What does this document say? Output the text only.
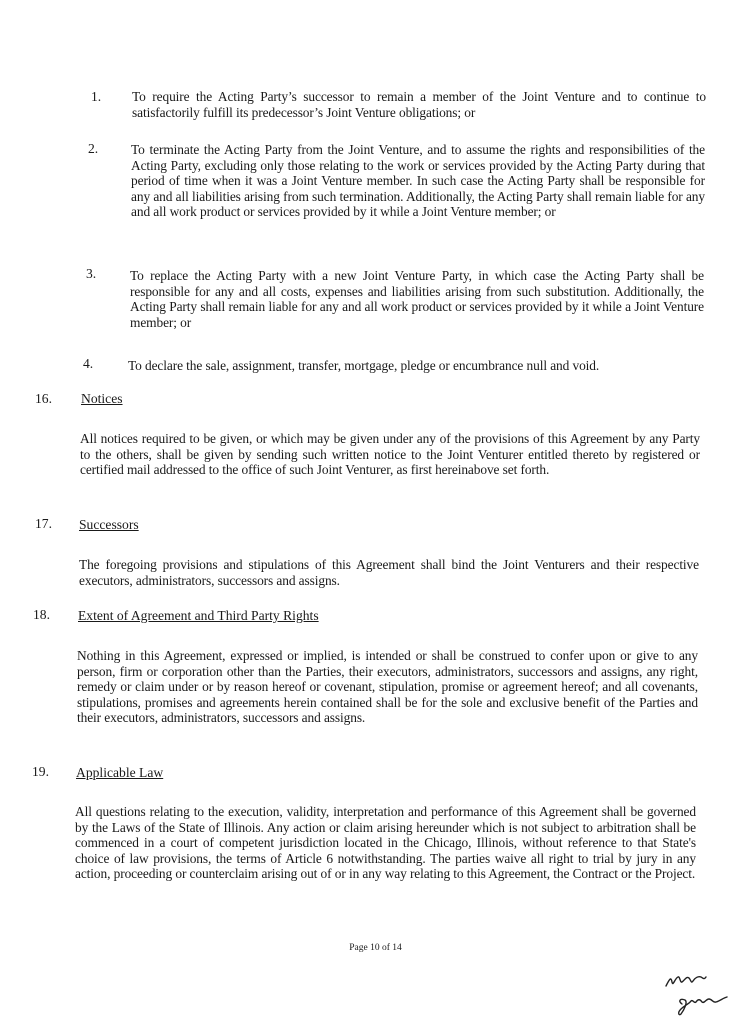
1. To require the Acting Party’s successor to remain a member of the Joint Venture and to continue to satisfactorily fulfill its predecessor’s Joint Venture obligations; or

2. To terminate the Acting Party from the Joint Venture, and to assume the rights and responsibilities of the Acting Party, excluding only those relating to the work or services provided by the Acting Party during that period of time when it was a Joint Venture member. In such case the Acting Party shall be responsible for any and all liabilities arising from such termination. Additionally, the Acting Party shall remain liable for any and all work product or services provided by it while a Joint Venture member; or

3.	To replace the Acting Party with a new Joint Venture Party, in which case the Acting Party shall be responsible for any and all costs, expenses and liabilities arising from such substitution. Additionally, the Acting Party shall remain liable for any and all work product or services provided by it while a Joint Venture member; or

4.	To declare the sale, assignment, transfer, mortgage, pledge or encumbrance null and void.

16. Notices

All notices required to be given, or which may be given under any of the provisions of this Agreement by any Party to the others, shall be given by sending such written notice to the Joint Venturer entitled thereto by registered or certified mail addressed to the office of such Joint Venturer, as first hereinabove set forth.

17. Successors

The foregoing provisions and stipulations of this Agreement shall bind the Joint Venturers and their respective executors, administrators, successors and assigns.

18. Extent of Agreement and Third Party Rights

Nothing in this Agreement, expressed or implied, is intended or shall be construed to confer upon or give to any person, firm or corporation other than the Parties, their executors, administrators, successors and assigns, any right, remedy or claim under or by reason hereof or covenant, stipulation, promise or agreement hereof; and all covenants, stipulations, promises and agreements herein contained shall be for the sole and exclusive benefit of the Parties and their executors, administrators, successors and assigns.

19. Applicable Law

All questions relating to the execution, validity, interpretation and performance of this Agreement shall be governed by the Laws of the State of Illinois. Any action or claim arising hereunder which is not subject to arbitration shall be commenced in a court of competent jurisdiction located in the Chicago, Illinois, without reference to that State's choice of law provisions, the terms of Article 6 notwithstanding. The parties waive all right to trial by jury in any action, proceeding or counterclaim arising out of or in any way relating to this Agreement, the Contract or the Project.

Page 10 of 14
